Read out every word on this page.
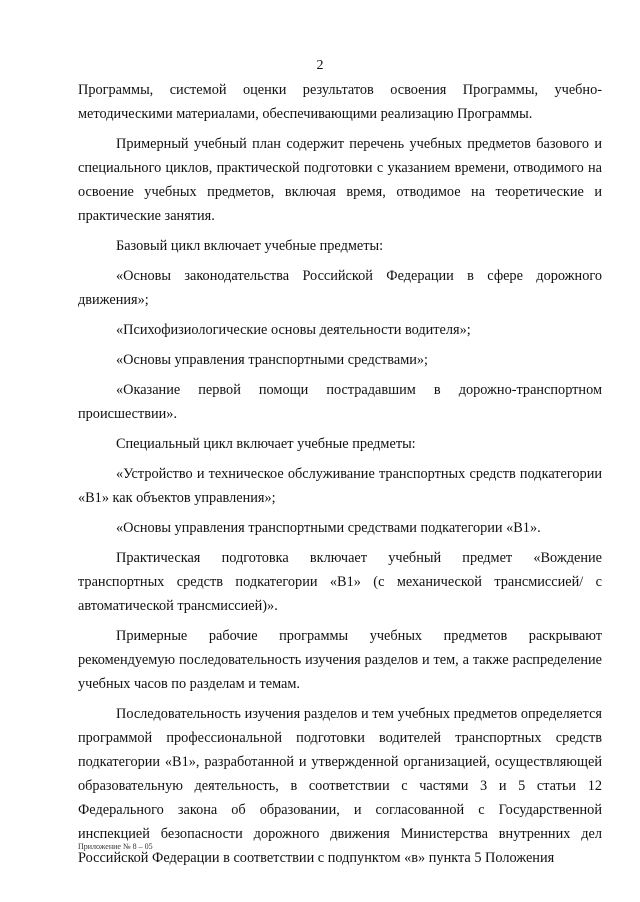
2

Программы, системой оценки результатов освоения Программы, учебно-методическими материалами, обеспечивающими реализацию Программы.

Примерный учебный план содержит перечень учебных предметов базового и специального циклов, практической подготовки с указанием времени, отводимого на освоение учебных предметов, включая время, отводимое на теоретические и практические занятия.

Базовый цикл включает учебные предметы:

«Основы законодательства Российской Федерации в сфере дорожного движения»;

«Психофизиологические основы деятельности водителя»;

«Основы управления транспортными средствами»;

«Оказание первой помощи пострадавшим в дорожно-транспортном происшествии».

Специальный цикл включает учебные предметы:

«Устройство и техническое обслуживание транспортных средств подкатегории «В1» как объектов управления»;

«Основы управления транспортными средствами подкатегории «В1».

Практическая подготовка включает учебный предмет «Вождение транспортных средств подкатегории «В1» (с механической трансмиссией/ с автоматической трансмиссией)».

Примерные рабочие программы учебных предметов раскрывают рекомендуемую последовательность изучения разделов и тем, а также распределение учебных часов по разделам и темам.

Последовательность изучения разделов и тем учебных предметов определяется программой профессиональной подготовки водителей транспортных средств подкатегории «В1», разработанной и утвержденной организацией, осуществляющей образовательную деятельность, в соответствии с частями 3 и 5 статьи 12 Федерального закона об образовании, и согласованной с Государственной инспекцией безопасности дорожного движения Министерства внутренних дел Российской Федерации в соответствии с подпунктом «в» пункта 5 Положения

Приложение № 8 – 05
